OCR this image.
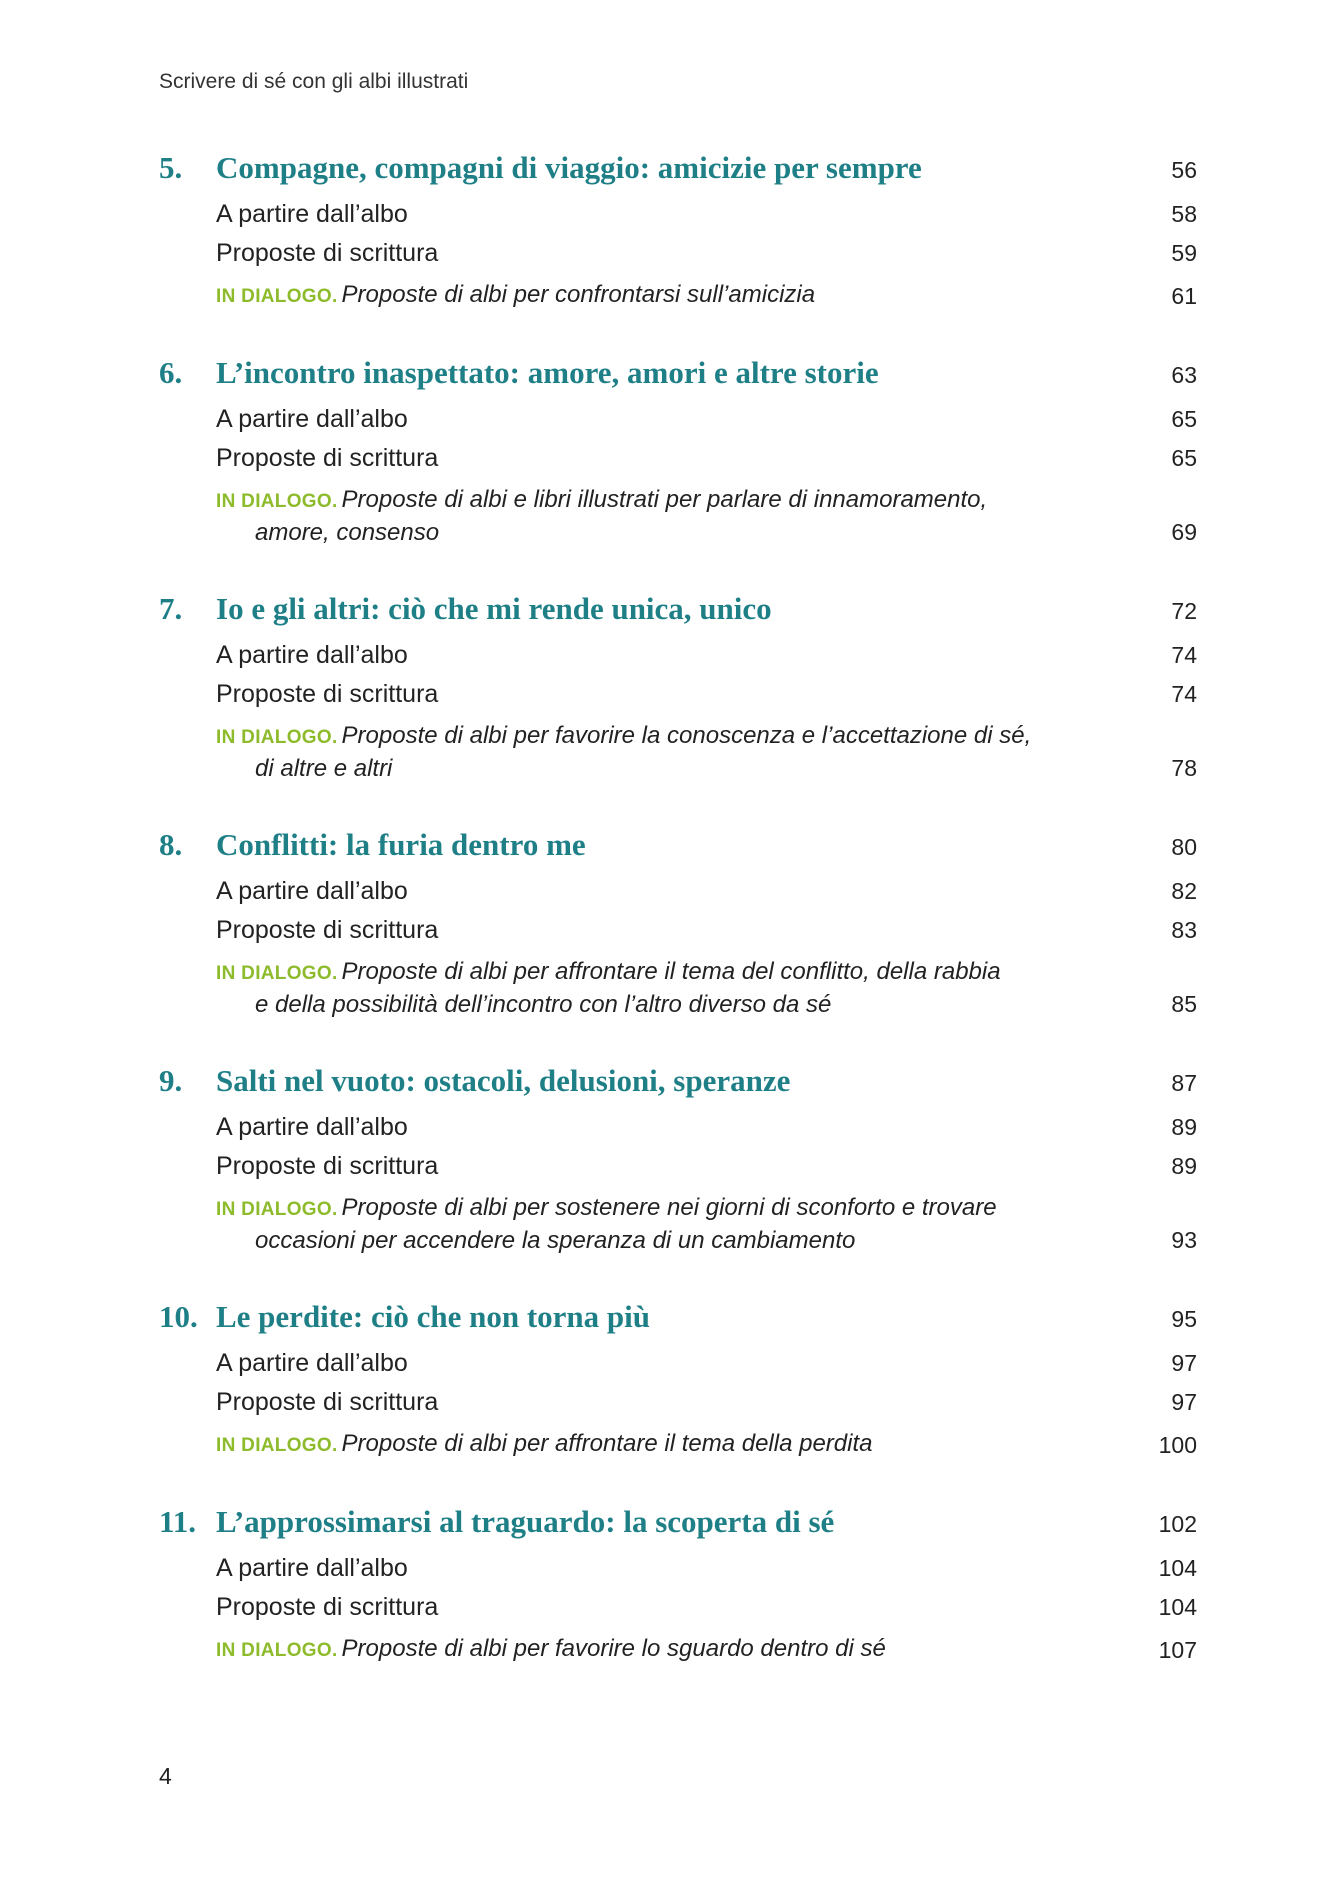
Scrivere di sé con gli albi illustrati
5.	Compagne, compagni di viaggio: amicizie per sempre	56
A partire dall’albo	58
Proposte di scrittura	59
IN DIALOGO. Proposte di albi per confrontarsi sull’amicizia	61
6.	L’incontro inaspettato: amore, amori e altre storie	63
A partire dall’albo	65
Proposte di scrittura	65
IN DIALOGO. Proposte di albi e libri illustrati per parlare di innamoramento,
amore, consenso	69
7.	Io e gli altri: ciò che mi rende unica, unico	72
A partire dall’albo	74
Proposte di scrittura	74
IN DIALOGO. Proposte di albi per favorire la conoscenza e l’accettazione di sé,
di altre e altri	78
8.	Conflitti: la furia dentro me	80
A partire dall’albo	82
Proposte di scrittura	83
IN DIALOGO. Proposte di albi per affrontare il tema del conflitto, della rabbia
e della possibilità dell’incontro con l’altro diverso da sé	85
9.	Salti nel vuoto: ostacoli, delusioni, speranze	87
A partire dall’albo	89
Proposte di scrittura	89
IN DIALOGO. Proposte di albi per sostenere nei giorni di sconforto e trovare
occasioni per accendere la speranza di un cambiamento	93
10. Le perdite: ciò che non torna più	95
A partire dall’albo	97
Proposte di scrittura	97
IN DIALOGO. Proposte di albi per affrontare il tema della perdita	100
11. L’approssimarsi al traguardo: la scoperta di sé	102
A partire dall’albo	104
Proposte di scrittura	104
IN DIALOGO. Proposte di albi per favorire lo sguardo dentro di sé	107
4
